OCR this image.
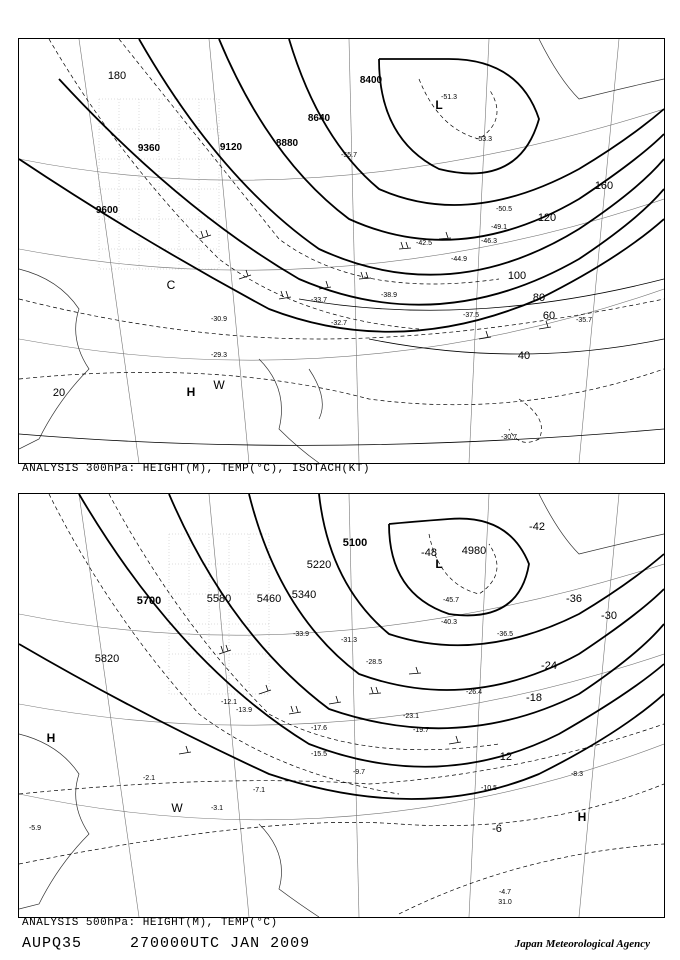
9600
9360	9120	8880
8640
8400
180
160
120
100
80
60
40
20
-55.7
-53.3
-51.3
-50.5
-49.1
-46.3
-44.9
-42.5
-38.9
-37.5
-35.7
-33.7
-32.7
-30.9
-29.3
-30.7
L
H W
C
ANALYSIS 300hPa: HEIGHT(M), TEMP(°C), ISOTACH(KT)
5820
5700	5580 5460 5340
5220
5100
4980
-48
-42
-36
-30
-24
-18
-12
-6
-45.7
-40.3
-36.5
-33.9
-31.3
-28.5
-26.4
-23.1
-19.7
-17.6
-15.5
-13.9
-12.1
-9.7
-7.1
-5.9
-3.1
-2.1
-8.3
-10.5
-4.7
31.0
L
H
H
W
ANALYSIS 500hPa: HEIGHT(M), TEMP(°C)
AUPQ35	270000UTC JAN 2009	Japan Meteorological Agency
